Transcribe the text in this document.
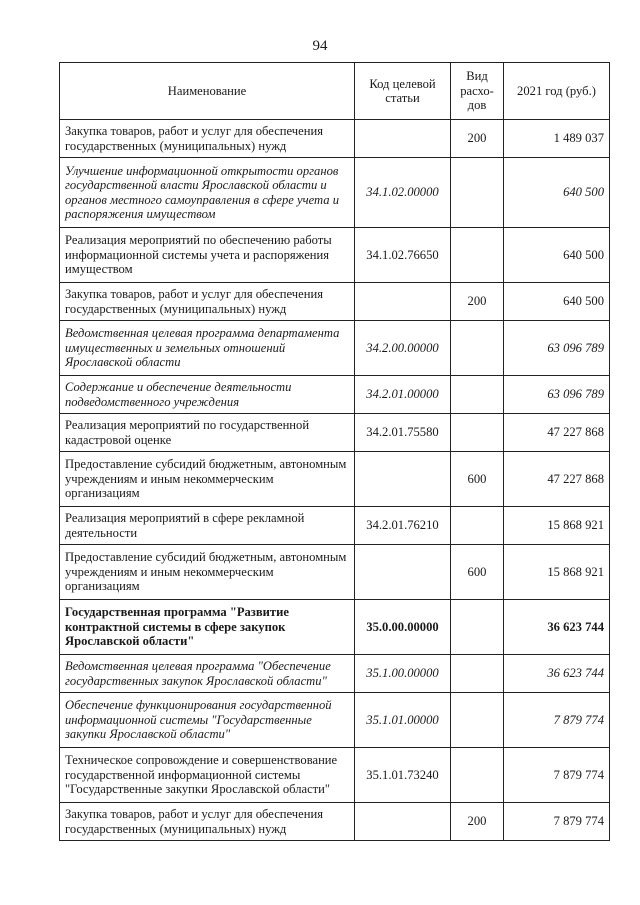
94
Наименование	Код целевой статьи	Вид расхо-дов	2021 год (руб.)
Закупка товаров, работ и услуг для обеспечения государственных (муниципальных) нужд		200	1 489 037
Улучшение информационной открытости органов государственной власти Ярославской области и органов местного самоуправления в сфере учета и распоряжения имуществом	34.1.02.00000		640 500
Реализация мероприятий по обеспечению работы информационной системы учета и распоряжения имуществом	34.1.02.76650		640 500
Закупка товаров, работ и услуг для обеспечения государственных (муниципальных) нужд		200	640 500
Ведомственная целевая программа департамента имущественных и земельных отношений Ярославской области	34.2.00.00000		63 096 789
Содержание и обеспечение деятельности подведомственного учреждения	34.2.01.00000		63 096 789
Реализация мероприятий по государственной кадастровой оценке	34.2.01.75580		47 227 868
Предоставление субсидий бюджетным, автономным учреждениям и иным некоммерческим организациям		600	47 227 868
Реализация мероприятий в сфере рекламной деятельности	34.2.01.76210		15 868 921
Предоставление субсидий бюджетным, автономным учреждениям и иным некоммерческим организациям		600	15 868 921
Государственная программа "Развитие контрактной системы в сфере закупок Ярославской области"	35.0.00.00000		36 623 744
Ведомственная целевая программа "Обеспечение государственных закупок Ярославской области"	35.1.00.00000		36 623 744
Обеспечение функционирования государственной информационной системы "Государственные закупки Ярославской области"	35.1.01.00000		7 879 774
Техническое сопровождение и совершенствование государственной информационной системы "Государственные закупки Ярославской области"	35.1.01.73240		7 879 774
Закупка товаров, работ и услуг для обеспечения государственных (муниципальных) нужд		200	7 879 774
